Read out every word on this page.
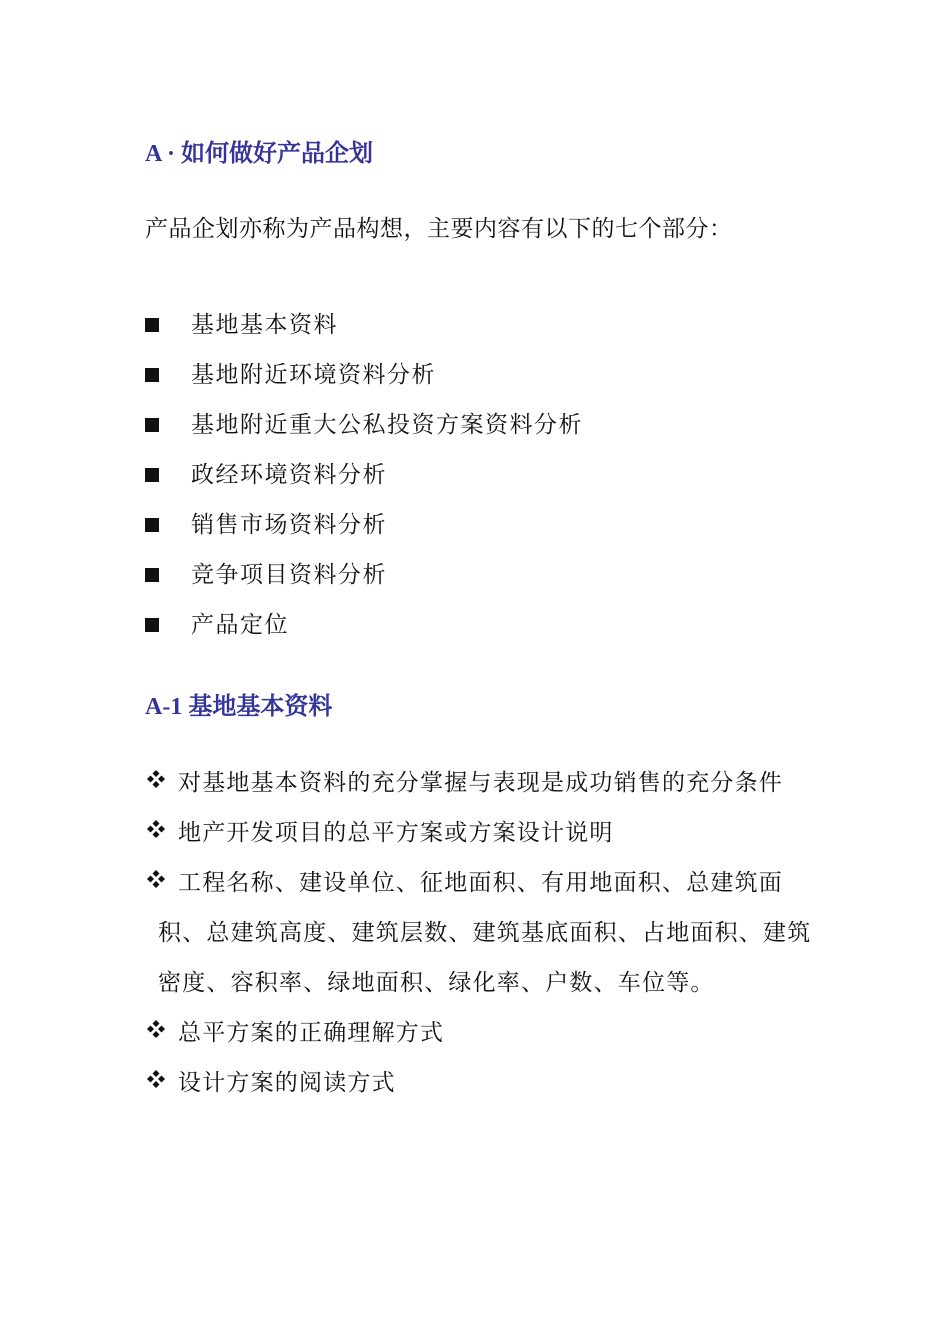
A · 如何做好产品企划
产品企划亦称为产品构想，主要内容有以下的七个部分：
基地基本资料
基地附近环境资料分析
基地附近重大公私投资方案资料分析
政经环境资料分析
销售市场资料分析
竞争项目资料分析
产品定位
A-1 基地基本资料
对基地基本资料的充分掌握与表现是成功销售的充分条件
地产开发项目的总平方案或方案设计说明
工程名称、建设单位、征地面积、有用地面积、总建筑面积、总建筑高度、建筑层数、建筑基底面积、占地面积、建筑密度、容积率、绿地面积、绿化率、户数、车位等。
总平方案的正确理解方式
设计方案的阅读方式
